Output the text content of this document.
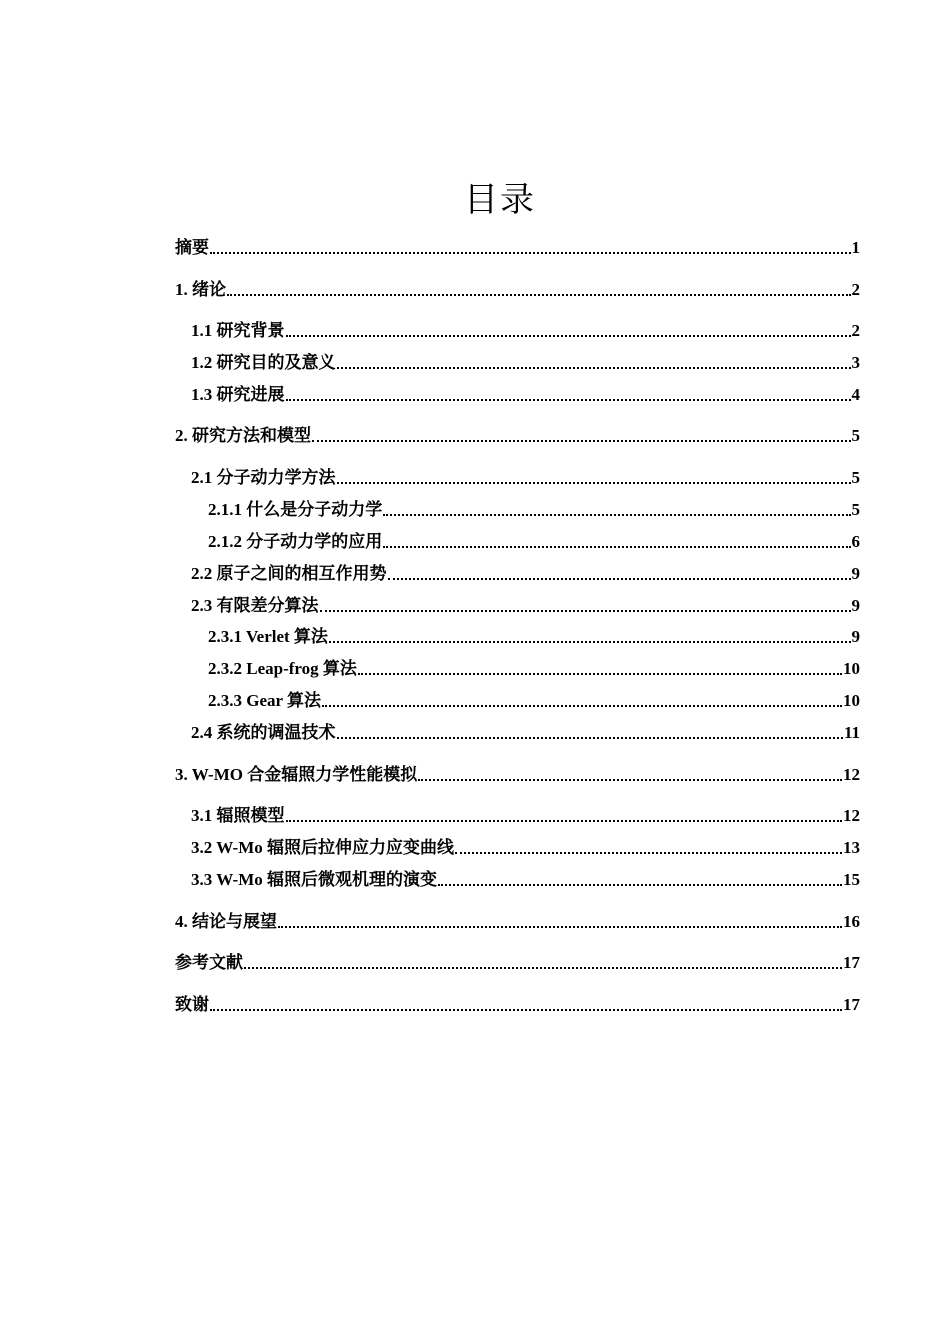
目录
摘要	1
1. 绪论	2
1.1 研究背景	2
1.2 研究目的及意义	3
1.3 研究进展	4
2. 研究方法和模型	5
2.1 分子动力学方法	5
2.1.1 什么是分子动力学	5
2.1.2 分子动力学的应用	6
2.2 原子之间的相互作用势	9
2.3 有限差分算法	9
2.3.1 Verlet 算法	9
2.3.2 Leap-frog 算法	10
2.3.3 Gear 算法	10
2.4 系统的调温技术	11
3. W-MO 合金辐照力学性能模拟	12
3.1 辐照模型	12
3.2 W-Mo 辐照后拉伸应力应变曲线	13
3.3 W-Mo 辐照后微观机理的演变	15
4. 结论与展望	16
参考文献	17
致谢	17
